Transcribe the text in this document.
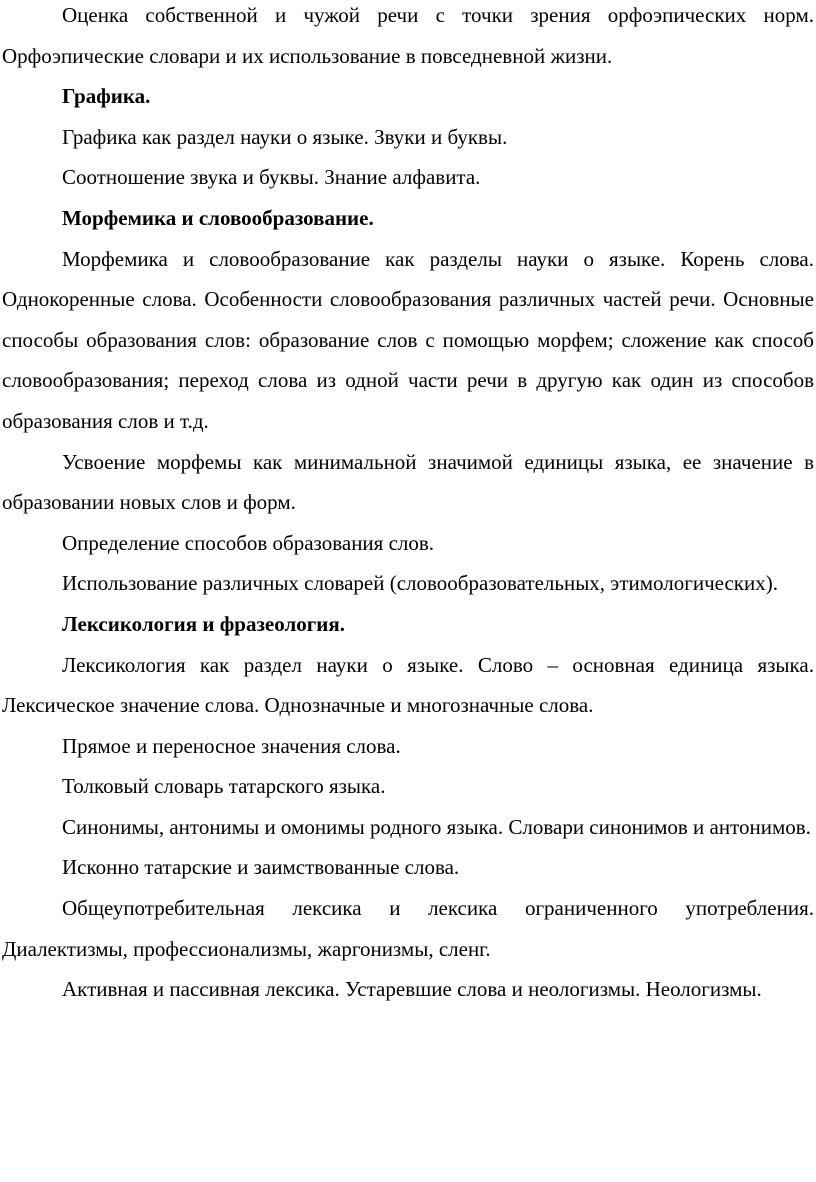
Оценка собственной и чужой речи с точки зрения орфоэпических норм. Орфоэпические словари и их использование в повседневной жизни.

Графика.

Графика как раздел науки о языке. Звуки и буквы.

Соотношение звука и буквы. Знание алфавита.

Морфемика и словообразование.

Морфемика и словообразование как разделы науки о языке. Корень слова. Однокоренные слова. Особенности словообразования различных частей речи. Основные способы образования слов: образование слов с помощью морфем; сложение как способ словообразования; переход слова из одной части речи в другую как один из способов образования слов и т.д.

Усвоение морфемы как минимальной значимой единицы языка, ее значение в образовании новых слов и форм.

Определение способов образования слов.

Использование различных словарей (словообразовательных, этимологических).

Лексикология и фразеология.

Лексикология как раздел науки о языке. Слово – основная единица языка. Лексическое значение слова. Однозначные и многозначные слова.

Прямое и переносное значения слова.

Толковый словарь татарского языка.

Синонимы, антонимы и омонимы родного языка. Словари синонимов и антонимов.

Исконно татарские и заимствованные слова.

Общеупотребительная лексика и лексика ограниченного употребления. Диалектизмы, профессионализмы, жаргонизмы, сленг.

Активная и пассивная лексика. Устаревшие слова и неологизмы. Неологизмы.
